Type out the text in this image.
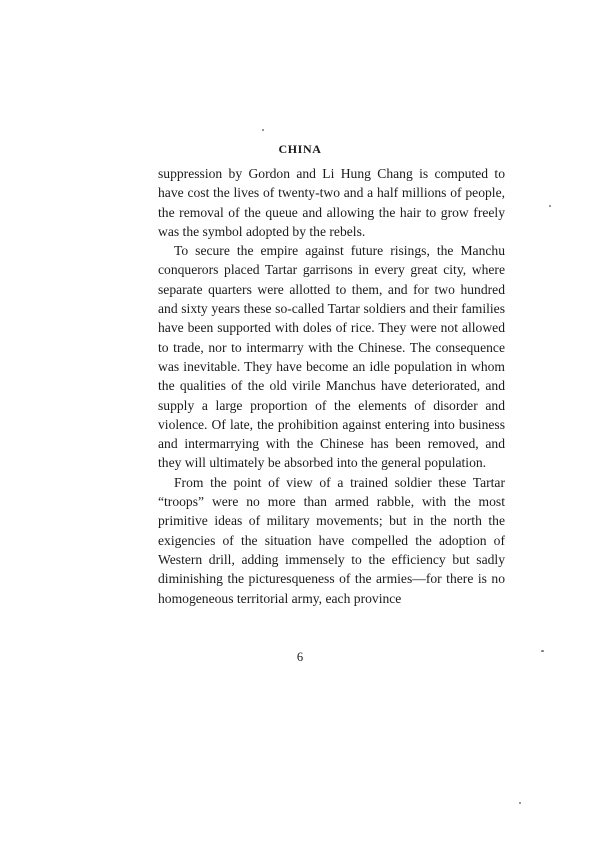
CHINA

suppression by Gordon and Li Hung Chang is computed to have cost the lives of twenty-two and a half millions of people, the removal of the queue and allowing the hair to grow freely was the symbol adopted by the rebels.

To secure the empire against future risings, the Manchu conquerors placed Tartar garrisons in every great city, where separate quarters were allotted to them, and for two hundred and sixty years these so-called Tartar soldiers and their families have been supported with doles of rice. They were not allowed to trade, nor to intermarry with the Chinese. The consequence was inevitable. They have become an idle population in whom the qualities of the old virile Manchus have deteriorated, and supply a large proportion of the elements of disorder and violence. Of late, the prohibition against entering into business and intermarrying with the Chinese has been removed, and they will ultimately be absorbed into the general population.

From the point of view of a trained soldier these Tartar “troops” were no more than armed rabble, with the most primitive ideas of military movements; but in the north the exigencies of the situation have compelled the adoption of Western drill, adding immensely to the efficiency but sadly diminishing the picturesqueness of the armies—for there is no homogeneous territorial army, each province

6
